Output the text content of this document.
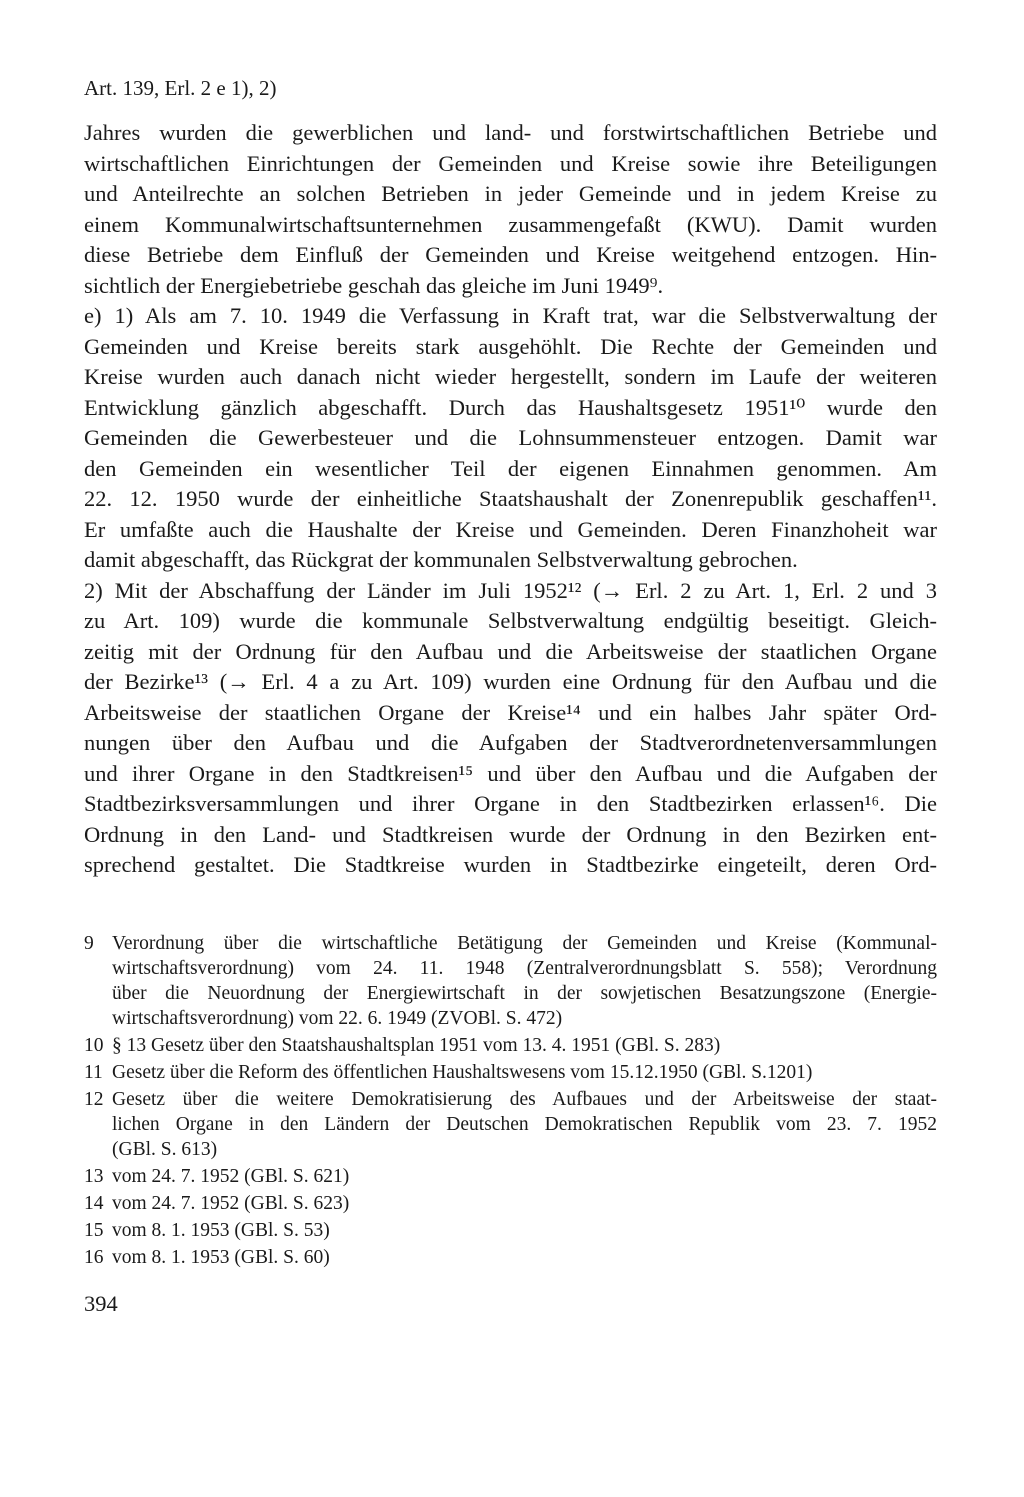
Art. 139, Erl. 2 e 1), 2)
Jahres wurden die gewerblichen und land- und forstwirtschaftlichen Betriebe und
wirtschaftlichen Einrichtungen der Gemeinden und Kreise sowie ihre Beteiligungen
und Anteilrechte an solchen Betrieben in jeder Gemeinde und in jedem Kreise zu
einem Kommunalwirtschaftsunternehmen zusammengefaßt (KWU). Damit wurden
diese Betriebe dem Einfluß der Gemeinden und Kreise weitgehend entzogen. Hin-
sichtlich der Energiebetriebe geschah das gleiche im Juni 1949⁹.
e) 1) Als am 7. 10. 1949 die Verfassung in Kraft trat, war die Selbstverwaltung der
Gemeinden und Kreise bereits stark ausgehöhlt. Die Rechte der Gemeinden und
Kreise wurden auch danach nicht wieder hergestellt, sondern im Laufe der weiteren
Entwicklung gänzlich abgeschafft. Durch das Haushaltsgesetz 1951¹⁰ wurde den
Gemeinden die Gewerbesteuer und die Lohnsummensteuer entzogen. Damit war
den Gemeinden ein wesentlicher Teil der eigenen Einnahmen genommen. Am
22. 12. 1950 wurde der einheitliche Staatshaushalt der Zonenrepublik geschaffen¹¹.
Er umfaßte auch die Haushalte der Kreise und Gemeinden. Deren Finanzhoheit war
damit abgeschafft, das Rückgrat der kommunalen Selbstverwaltung gebrochen.
2) Mit der Abschaffung der Länder im Juli 1952¹² (→ Erl. 2 zu Art. 1, Erl. 2 und 3
zu Art. 109) wurde die kommunale Selbstverwaltung endgültig beseitigt. Gleich-
zeitig mit der Ordnung für den Aufbau und die Arbeitsweise der staatlichen Organe
der Bezirke¹³ (→ Erl. 4 a zu Art. 109) wurden eine Ordnung für den Aufbau und die
Arbeitsweise der staatlichen Organe der Kreise¹⁴ und ein halbes Jahr später Ord-
nungen über den Aufbau und die Aufgaben der Stadtverordnetenversammlungen
und ihrer Organe in den Stadtkreisen¹⁵ und über den Aufbau und die Aufgaben der
Stadtbezirksversammlungen und ihrer Organe in den Stadtbezirken erlassen¹⁶. Die
Ordnung in den Land- und Stadtkreisen wurde der Ordnung in den Bezirken ent-
sprechend gestaltet. Die Stadtkreise wurden in Stadtbezirke eingeteilt, deren Ord-
9 Verordnung über die wirtschaftliche Betätigung der Gemeinden und Kreise (Kommunal-
wirtschaftsverordnung) vom 24. 11. 1948 (Zentralverordnungsblatt S. 558); Verordnung
über die Neuordnung der Energiewirtschaft in der sowjetischen Besatzungszone (Energie-
wirtschaftsverordnung) vom 22. 6. 1949 (ZVOBl. S. 472)
10 § 13 Gesetz über den Staatshaushaltsplan 1951 vom 13. 4. 1951 (GBl. S. 283)
11 Gesetz über die Reform des öffentlichen Haushaltswesens vom 15.12.1950 (GBl. S.1201)
12 Gesetz über die weitere Demokratisierung des Aufbaues und der Arbeitsweise der staat-
lichen Organe in den Ländern der Deutschen Demokratischen Republik vom 23. 7. 1952
(GBl. S. 613)
13 vom 24. 7. 1952 (GBl. S. 621)
14 vom 24. 7. 1952 (GBl. S. 623)
15 vom 8. 1. 1953 (GBl. S. 53)
16 vom 8. 1. 1953 (GBl. S. 60)
394
